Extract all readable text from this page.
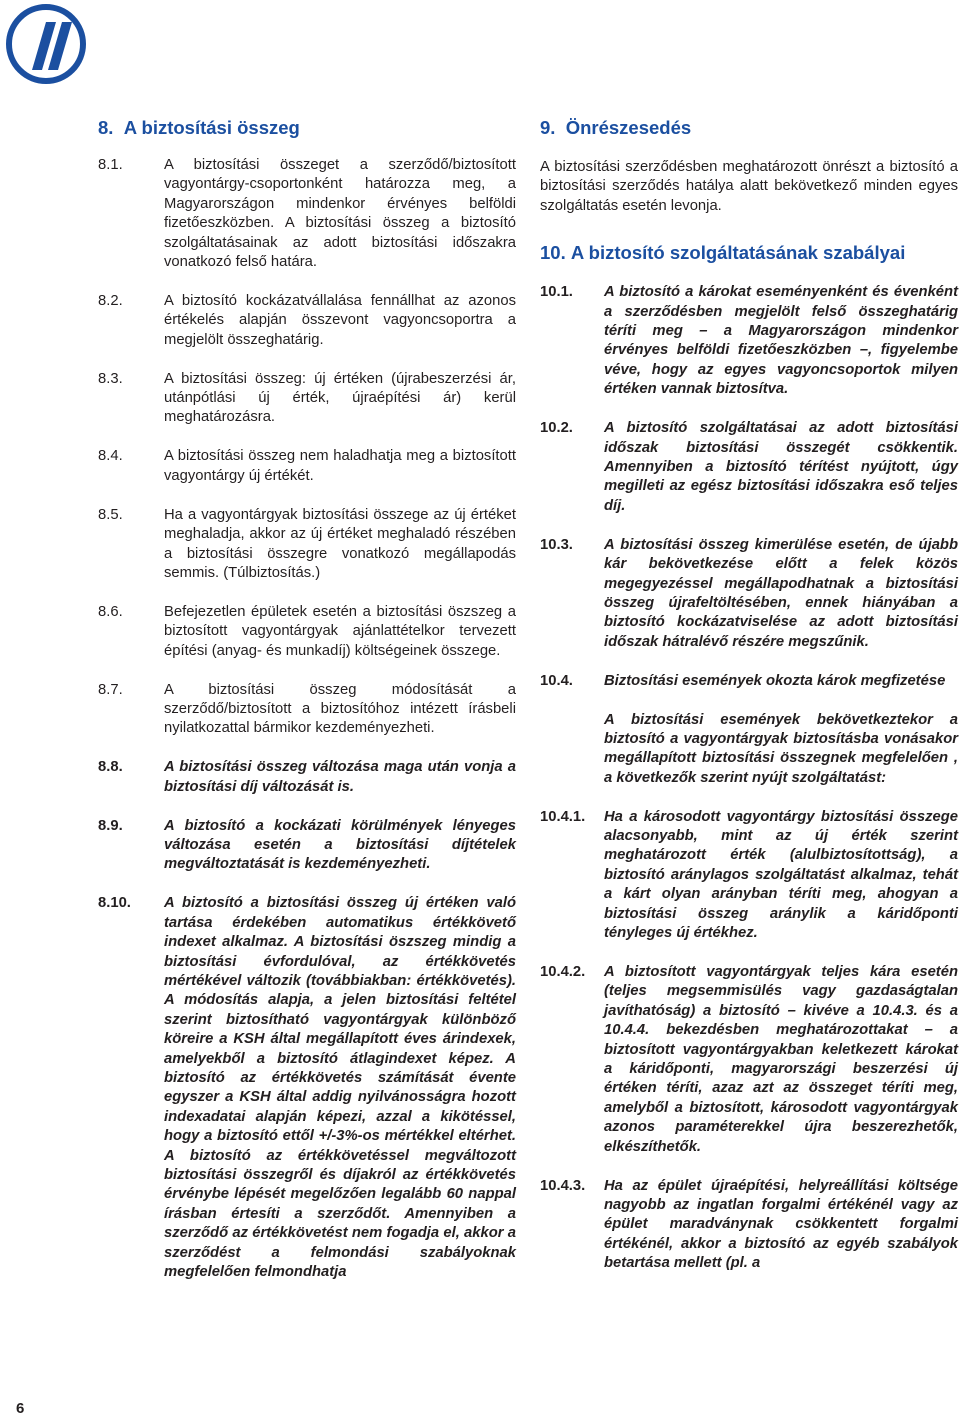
8.  A biztosítási összeg
8.1.	A biztosítási összeget a szerződő/biztosított vagyontárgy-csoportonként határozza meg, a Magyarországon mindenkor érvényes belföldi fizetőeszközben. A biztosítási összeg a biztosító szolgáltatásainak az adott biztosítási időszakra vonatkozó felső határa.
8.2.	A biztosító kockázatvállalása fennállhat az azonos értékelés alapján összevont vagyoncsoportra a megjelölt összeghatárig.
8.3.	A biztosítási összeg: új értéken (újrabeszerzési ár, utánpótlási új érték, újraépítési ár) kerül meghatározásra.
8.4.	A biztosítási összeg nem haladhatja meg a biztosított vagyontárgy új értékét.
8.5.	Ha a vagyontárgyak biztosítási összege az új értéket meghaladja, akkor az új értéket meghaladó részében a biztosítási összegre vonatkozó megállapodás semmis. (Túlbiztosítás.)
8.6.	Befejezetlen épületek esetén a biztosítási öszszeg a biztosított vagyontárgyak ajánlattételkor tervezett építési (anyag- és munkadíj) költségeinek összege.
8.7.	A biztosítási összeg módosítását a szerződő/biztosított a biztosítóhoz intézett írásbeli nyilatkozattal bármikor kezdeményezheti.
8.8.	A biztosítási összeg változása maga után vonja a biztosítási díj változását is.
8.9.	A biztosító a kockázati körülmények lényeges változása esetén a biztosítási díjtételek megváltoztatását is kezdeményezheti.
8.10.	A biztosító a biztosítási összeg új értéken való tartása érdekében automatikus értékkövető indexet alkalmaz. A biztosítási öszszeg mindig a biztosítási évfordulóval, az értékkövetés mértékével változik (továbbiakban: értékkövetés). A módosítás alapja, a jelen biztosítási feltétel szerint biztosítható vagyontárgyak különböző köreire a KSH által megállapított éves árindexek, amelyekből a biztosító átlagindexet képez. A biztosító az értékkövetés számítását évente egyszer a KSH által addig nyilvánosságra hozott indexadatai alapján képezi, azzal a kikötéssel, hogy a biztosító ettől +/-3%-os mértékkel eltérhet. A biztosító az értékkövetéssel megváltozott biztosítási összegről és díjakról az értékkövetés érvénybe lépését megelőzően legalább 60 nappal írásban értesíti a szerződőt. Amennyiben a szerződő az értékkövetést nem fogadja el, akkor a szerződést a felmondási szabályoknak megfelelően felmondhatja
9.  Önrészesedés

A biztosítási szerződésben meghatározott önrészt a biztosító a biztosítási szerződés hatálya alatt bekövetkező minden egyes szolgáltatás esetén levonja.

10. A biztosító szolgáltatásának szabályai
10.1.	A biztosító a károkat eseményenként és évenként a szerződésben megjelölt felső összeghatárig téríti meg – a Magyarországon mindenkor érvényes belföldi fizetőeszközben –, figyelembe véve, hogy az egyes vagyoncsoportok milyen értéken vannak biztosítva.
10.2.	A biztosító szolgáltatásai az adott biztosítási időszak biztosítási összegét csökkentik. Amennyiben a biztosító térítést nyújtott, úgy megilleti az egész biztosítási időszakra eső teljes díj.
10.3.	A biztosítási összeg kimerülése esetén, de újabb kár bekövetkezése előtt a felek közös megegyezéssel megállapodhatnak a biztosítási összeg újrafeltöltésében, ennek hiányában a biztosító kockázatviselése az adott biztosítási időszak hátralévő részére megszűnik.
10.4.	Biztosítási események okozta károk megfizetése

A biztosítási események bekövetkeztekor a biztosító a vagyontárgyak biztosításba vonásakor megállapított biztosítási összegnek megfelelően , a következők szerint nyújt szolgáltatást:

10.4.1.	Ha a károsodott vagyontárgy biztosítási összege alacsonyabb, mint az új érték szerint meghatározott érték (alulbiztosítottság), a biztosító aránylagos szolgáltatást alkalmaz, tehát a kárt olyan arányban téríti meg, ahogyan a biztosítási összeg aránylik a káridőponti tényleges új értékhez.
10.4.2.	A biztosított vagyontárgyak teljes kára esetén (teljes megsemmisülés vagy gazdaságtalan javíthatóság) a biztosító – kivéve a 10.4.3. és a 10.4.4. bekezdésben meghatározottakat – a biztosított vagyontárgyakban keletkezett károkat a káridőponti, magyarországi beszerzési új értéken téríti, azaz azt az összeget téríti meg, amelyből a biztosított, károsodott vagyontárgyak azonos paraméterekkel újra beszerezhetők, elkészíthetők.
10.4.3.	Ha az épület újraépítési, helyreállítási költsége nagyobb az ingatlan forgalmi értékénél vagy az épület maradványnak csökkentett forgalmi értékénél, akkor a biztosító az egyéb szabályok betartása mellett (pl. a
6
